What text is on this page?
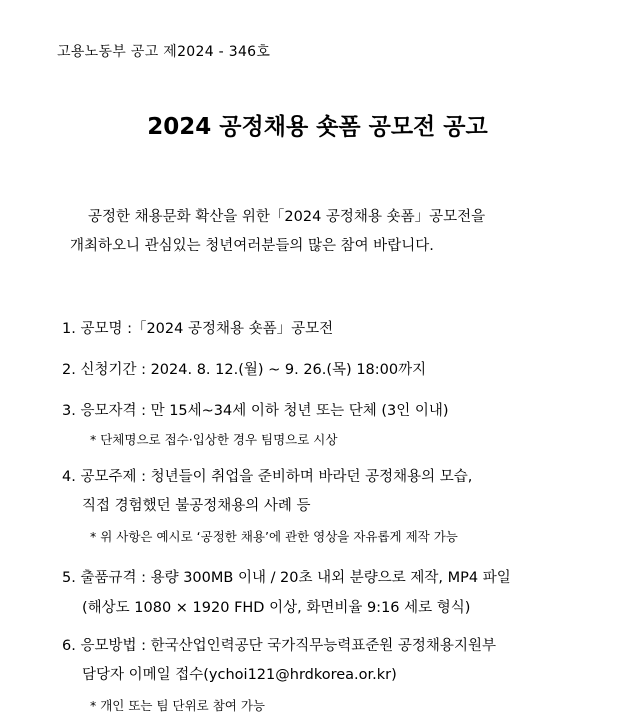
고용노동부 공고 제2024 - 346호
2024 공정채용 숏폼 공모전 공고
공정한 채용문화 확산을 위한「2024 공정채용 숏폼」공모전을
개최하오니 관심있는 청년여러분들의 많은 참여 바랍니다.
1. 공모명 :「2024 공정채용 숏폼」공모전
2. 신청기간 : 2024. 8. 12.(월) ~ 9. 26.(목) 18:00까지
3. 응모자격 : 만 15세~34세 이하 청년 또는 단체 (3인 이내)
* 단체명으로 접수·입상한 경우 팀명으로 시상
4. 공모주제 : 청년들이 취업을 준비하며 바라던 공정채용의 모습,
직접 경험했던 불공정채용의 사례 등
* 위 사항은 예시로 ‘공정한 채용’에 관한 영상을 자유롭게 제작 가능
5. 출품규격 : 용량 300MB 이내 / 20초 내외 분량으로 제작, MP4 파일
(해상도 1080 × 1920 FHD 이상, 화면비율 9:16 세로 형식)
6. 응모방법 : 한국산업인력공단 국가직무능력표준원 공정채용지원부
담당자 이메일 접수(ychoi121@hrdkorea.or.kr)
* 개인 또는 팀 단위로 참여 가능
